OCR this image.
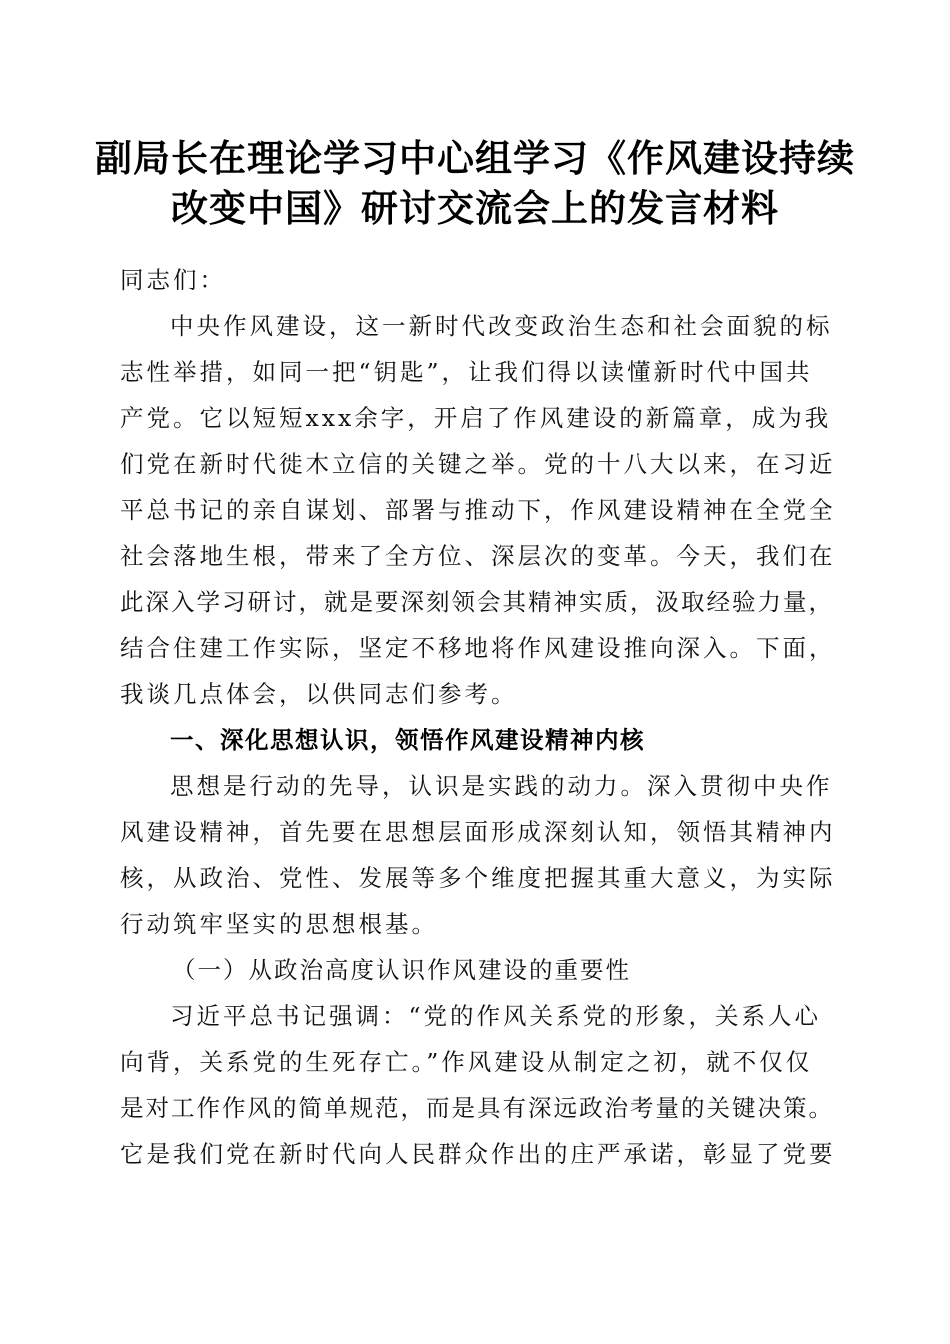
副局长在理论学习中心组学习《作风建设持续
改变中国》研讨交流会上的发言材料
同志们：
中央作风建设，这一新时代改变政治生态和社会面貌的标
志性举措，如同一把“钥匙”，让我们得以读懂新时代中国共
产党。它以短短xxx余字，开启了作风建设的新篇章，成为我
们党在新时代徙木立信的关键之举。党的十八大以来，在习近
平总书记的亲自谋划、部署与推动下，作风建设精神在全党全
社会落地生根，带来了全方位、深层次的变革。今天，我们在
此深入学习研讨，就是要深刻领会其精神实质，汲取经验力量，
结合住建工作实际，坚定不移地将作风建设推向深入。下面，
我谈几点体会，以供同志们参考。
一、深化思想认识，领悟作风建设精神内核
思想是行动的先导，认识是实践的动力。深入贯彻中央作
风建设精神，首先要在思想层面形成深刻认知，领悟其精神内
核，从政治、党性、发展等多个维度把握其重大意义，为实际
行动筑牢坚实的思想根基。
（一）从政治高度认识作风建设的重要性
习近平总书记强调：“党的作风关系党的形象，关系人心
向背，关系党的生死存亡。”作风建设从制定之初，就不仅仅
是对工作作风的简单规范，而是具有深远政治考量的关键决策。
它是我们党在新时代向人民群众作出的庄严承诺，彰显了党要
